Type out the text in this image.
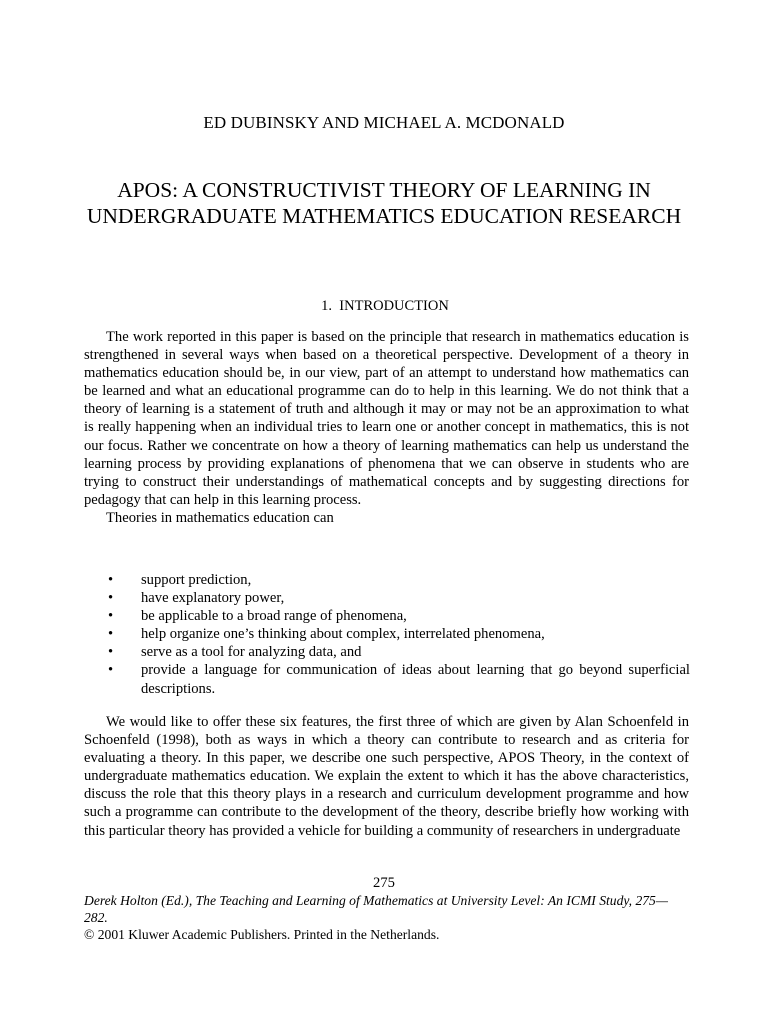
ED DUBINSKY AND MICHAEL A. MCDONALD
APOS: A CONSTRUCTIVIST THEORY OF LEARNING IN UNDERGRADUATE MATHEMATICS EDUCATION RESEARCH
1. INTRODUCTION

The work reported in this paper is based on the principle that research in mathematics education is strengthened in several ways when based on a theoretical perspective. Development of a theory in mathematics education should be, in our view, part of an attempt to understand how mathematics can be learned and what an educational programme can do to help in this learning. We do not think that a theory of learning is a statement of truth and although it may or may not be an approximation to what is really happening when an individual tries to learn one or another concept in mathematics, this is not our focus. Rather we concentrate on how a theory of learning mathematics can help us understand the learning process by providing explanations of phenomena that we can observe in students who are trying to construct their understandings of mathematical concepts and by suggesting directions for pedagogy that can help in this learning process.

Theories in mathematics education can

• support prediction,
• have explanatory power,
• be applicable to a broad range of phenomena,
• help organize one’s thinking about complex, interrelated phenomena,
• serve as a tool for analyzing data, and
• provide a language for communication of ideas about learning that go beyond superficial descriptions.

We would like to offer these six features, the first three of which are given by Alan Schoenfeld in Schoenfeld (1998), both as ways in which a theory can contribute to research and as criteria for evaluating a theory. In this paper, we describe one such perspective, APOS Theory, in the context of undergraduate mathematics education. We explain the extent to which it has the above characteristics, discuss the role that this theory plays in a research and curriculum development programme and how such a programme can contribute to the development of the theory, describe briefly how working with this particular theory has provided a vehicle for building a community of researchers in undergraduate

275
Derek Holton (Ed.), The Teaching and Learning of Mathematics at University Level: An ICMI Study, 275—282.
© 2001 Kluwer Academic Publishers. Printed in the Netherlands.
